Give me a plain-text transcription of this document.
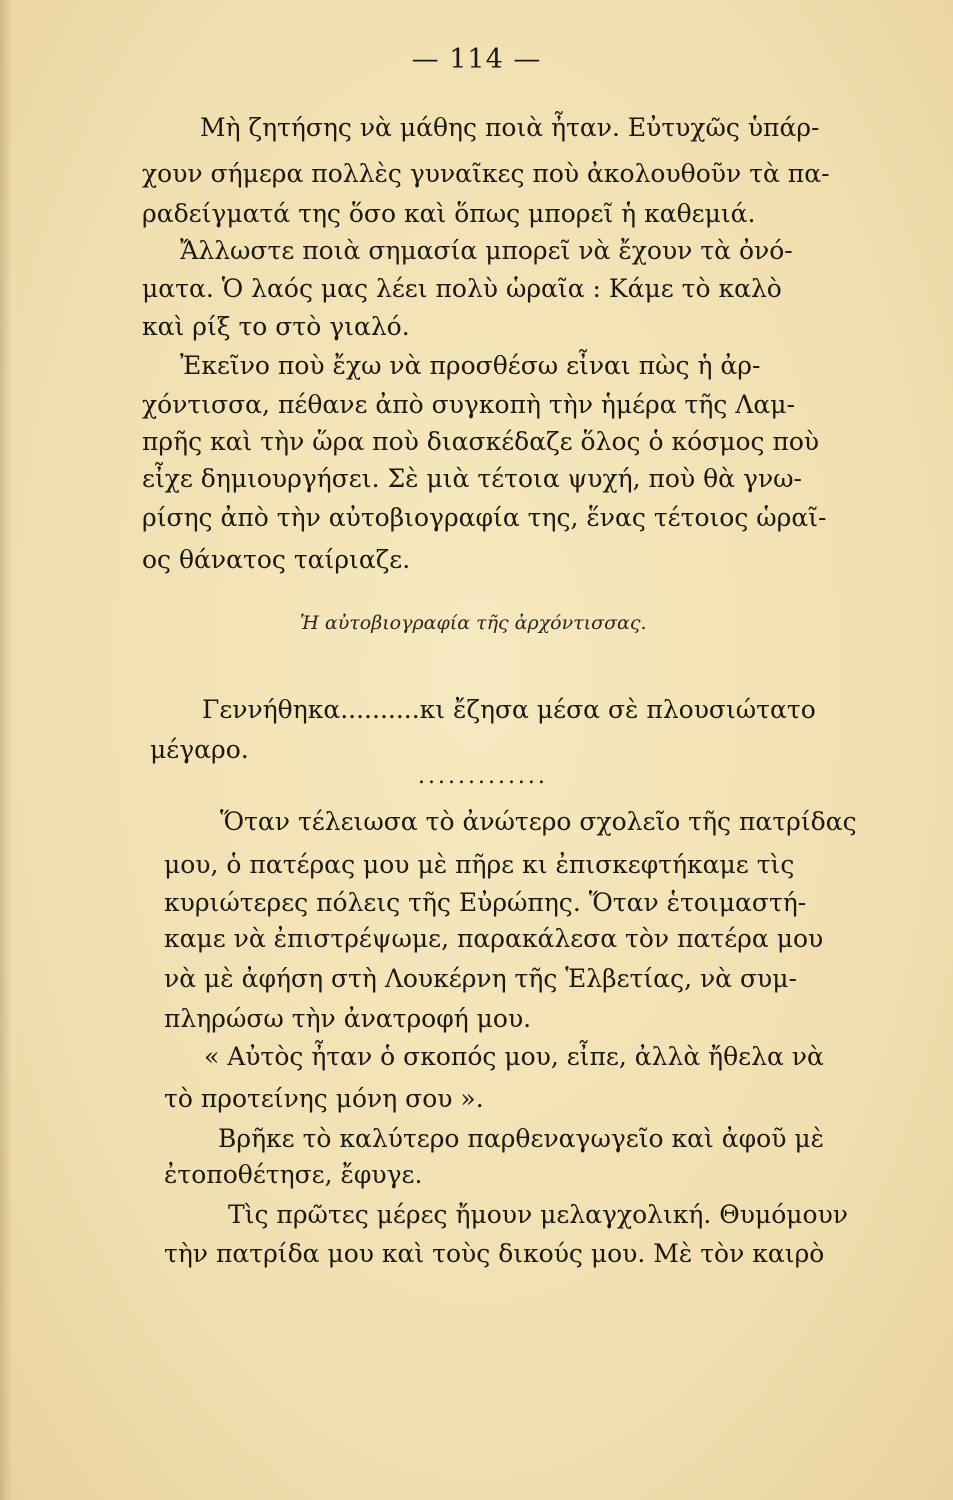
— 114 —
Μὴ ζητήσης νὰ μάθης ποιὰ ἦταν. Εὐτυχῶς ὑπάρ-
χουν σήμερα πολλὲς γυναῖκες ποὺ ἀκολουθοῦν τὰ πα-
ραδείγματά της ὅσο καὶ ὅπως μπορεῖ ἡ καθεμιά.
Ἄλλωστε ποιὰ σημασία μπορεῖ νὰ ἔχουν τὰ ὀνό-
ματα. Ὁ λαός μας λέει πολὺ ὡραῖα : Κάμε τὸ καλὸ
καὶ ρίξ το στὸ γιαλό.
Ἐκεῖνο ποὺ ἔχω νὰ προσθέσω εἶναι πὼς ἡ ἀρ-
χόντισσα, πέθανε ἀπὸ συγκοπὴ τὴν ἡμέρα τῆς Λαμ-
πρῆς καὶ τὴν ὥρα ποὺ διασκέδαζε ὅλος ὁ κόσμος ποὺ
εἶχε δημιουργήσει. Σὲ μιὰ τέτοια ψυχή, ποὺ θὰ γνω-
ρίσης ἀπὸ τὴν αὐτοβιογραφία της, ἕνας τέτοιος ὡραῖ-
ος θάνατος ταίριαζε.
Ἡ αὐτοβιογραφία τῆς ἀρχόντισσας.
Γεννήθηκα..........κι ἔζησα μέσα σὲ πλουσιώτατο
μέγαρο.
.............
Ὅταν τέλειωσα τὸ ἀνώτερο σχολεῖο τῆς πατρίδας
μου, ὁ πατέρας μου μὲ πῆρε κι ἐπισκεφτήκαμε τὶς
κυριώτερες πόλεις τῆς Εὐρώπης. Ὅταν ἑτοιμαστή-
καμε νὰ ἐπιστρέψωμε, παρακάλεσα τὸν πατέρα μου
νὰ μὲ ἀφήση στὴ Λουκέρνη τῆς Ἑλβετίας, νὰ συμ-
πληρώσω τὴν ἀνατροφή μου.
« Αὐτὸς ἦταν ὁ σκοπός μου, εἶπε, ἀλλὰ ἤθελα νὰ
τὸ προτείνης μόνη σου ».
Βρῆκε τὸ καλύτερο παρθεναγωγεῖο καὶ ἀφοῦ μὲ
ἐτοποθέτησε, ἔφυγε.
Τὶς πρῶτες μέρες ἤμουν μελαγχολική. Θυμόμουν
τὴν πατρίδα μου καὶ τοὺς δικούς μου. Μὲ τὸν καιρὸ
